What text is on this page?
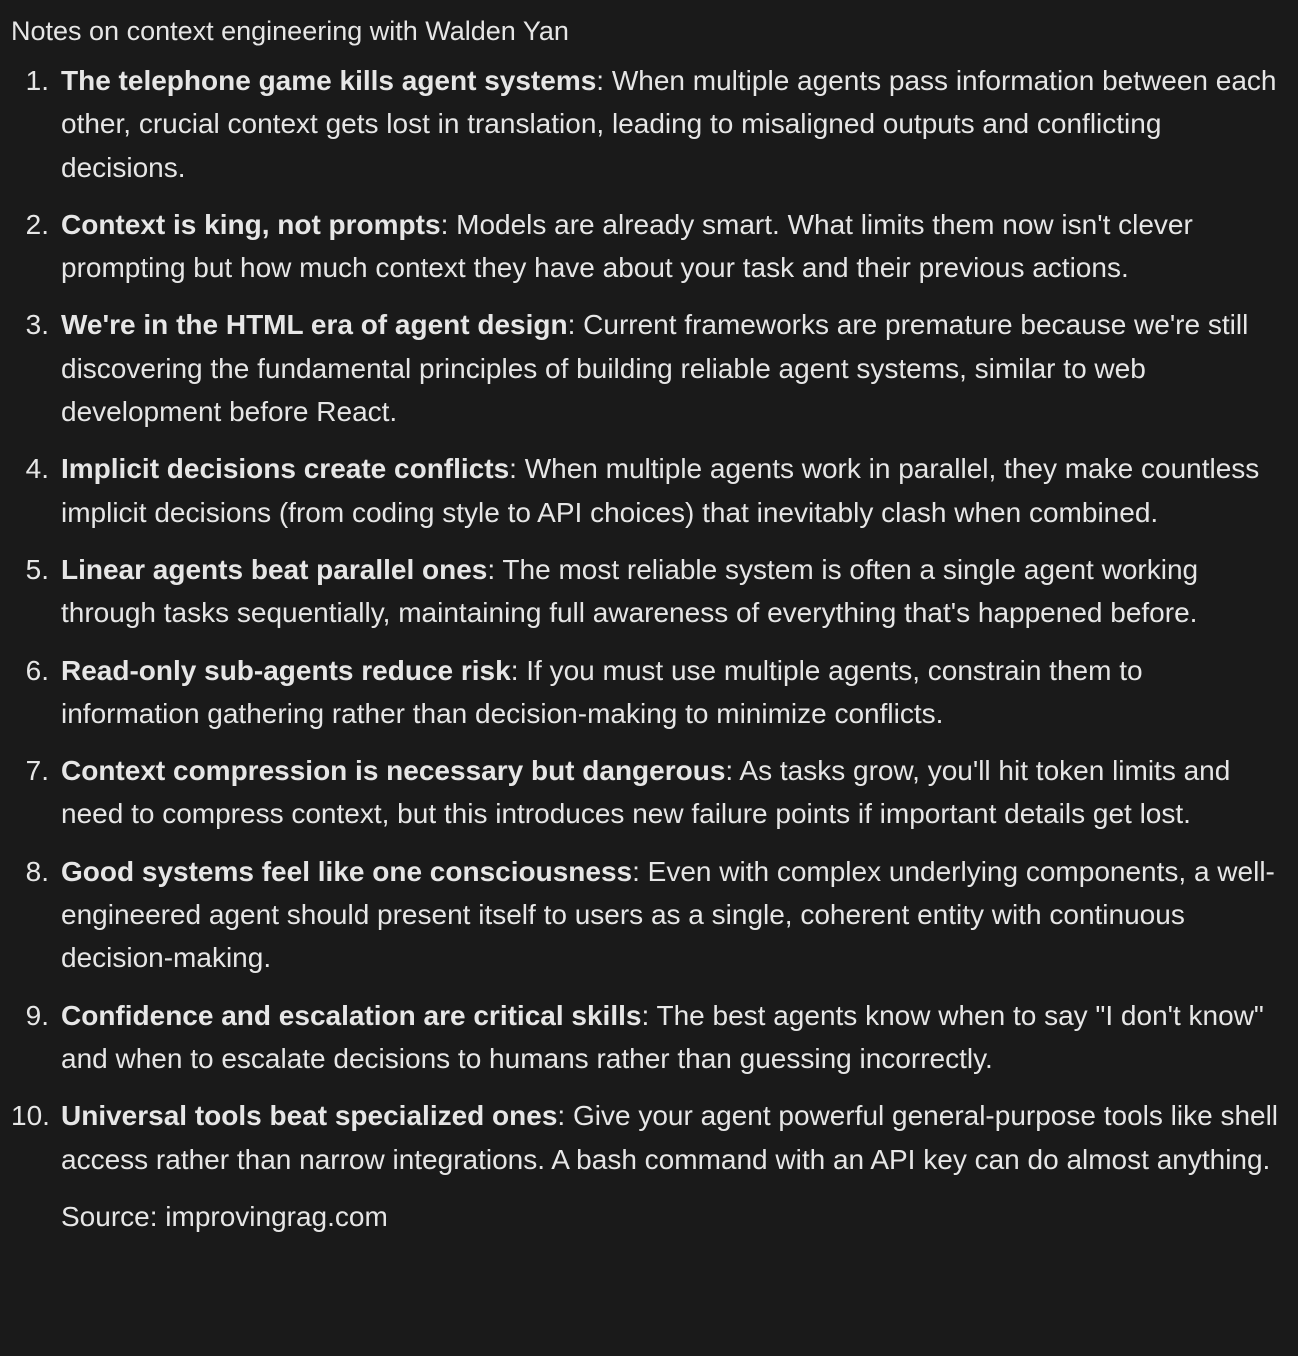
Notes on context engineering with Walden Yan
1. The telephone game kills agent systems: When multiple agents pass information between each other, crucial context gets lost in translation, leading to misaligned outputs and conflicting decisions.
2. Context is king, not prompts: Models are already smart. What limits them now isn't clever prompting but how much context they have about your task and their previous actions.
3. We're in the HTML era of agent design: Current frameworks are premature because we're still discovering the fundamental principles of building reliable agent systems, similar to web development before React.
4. Implicit decisions create conflicts: When multiple agents work in parallel, they make countless implicit decisions (from coding style to API choices) that inevitably clash when combined.
5. Linear agents beat parallel ones: The most reliable system is often a single agent working through tasks sequentially, maintaining full awareness of everything that's happened before.
6. Read-only sub-agents reduce risk: If you must use multiple agents, constrain them to information gathering rather than decision-making to minimize conflicts.
7. Context compression is necessary but dangerous: As tasks grow, you'll hit token limits and need to compress context, but this introduces new failure points if important details get lost.
8. Good systems feel like one consciousness: Even with complex underlying components, a well-engineered agent should present itself to users as a single, coherent entity with continuous decision-making.
9. Confidence and escalation are critical skills: The best agents know when to say "I don't know" and when to escalate decisions to humans rather than guessing incorrectly.
10. Universal tools beat specialized ones: Give your agent powerful general-purpose tools like shell access rather than narrow integrations. A bash command with an API key can do almost anything.
Source: improvingrag.com
